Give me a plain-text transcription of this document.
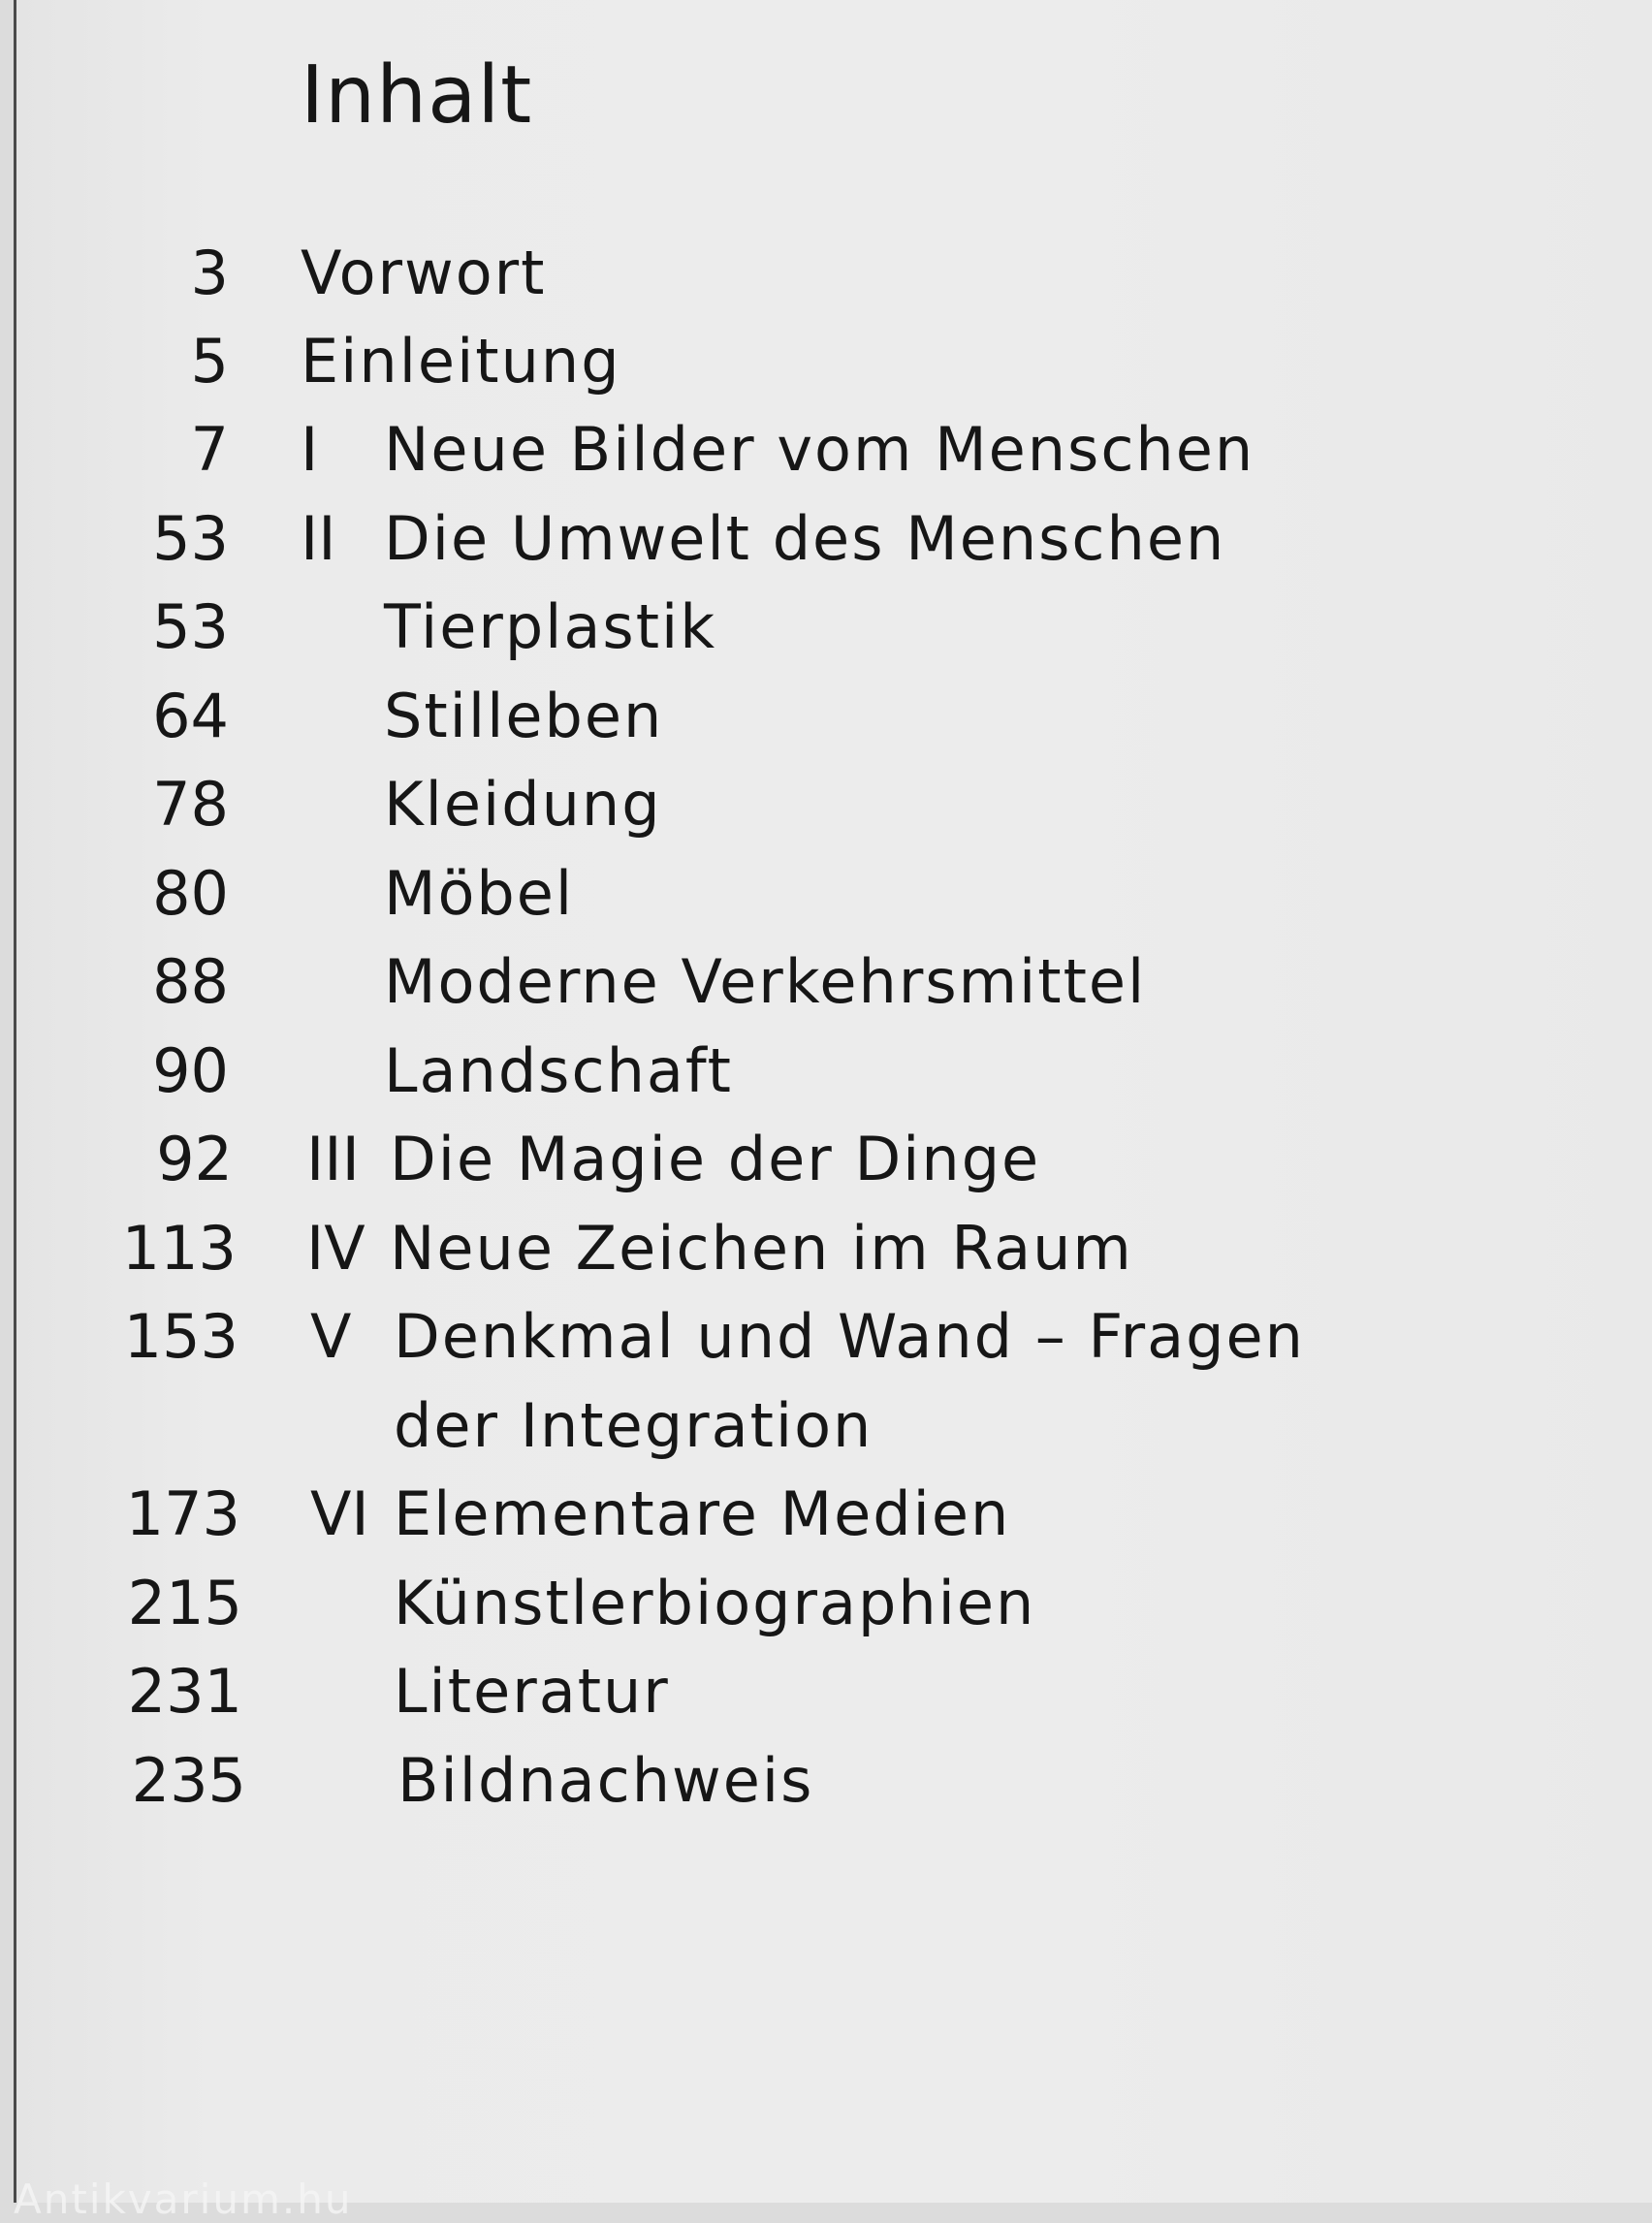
Inhalt
3 Vorwort
5 Einleitung
7 I Neue Bilder vom Menschen
53 II Die Umwelt des Menschen
53	Tierplastik
64	Stilleben
78	Kleidung
80	Möbel
88	Moderne Verkehrsmittel
90	Landschaft
92 III Die Magie der Dinge
113 IV Neue Zeichen im Raum
153 V Denkmal und Wand – Fragen
der Integration
173 VI Elementare Medien
215	Künstlerbiographien
231	Literatur
235	Bildnachweis
Antikvarium.hu
